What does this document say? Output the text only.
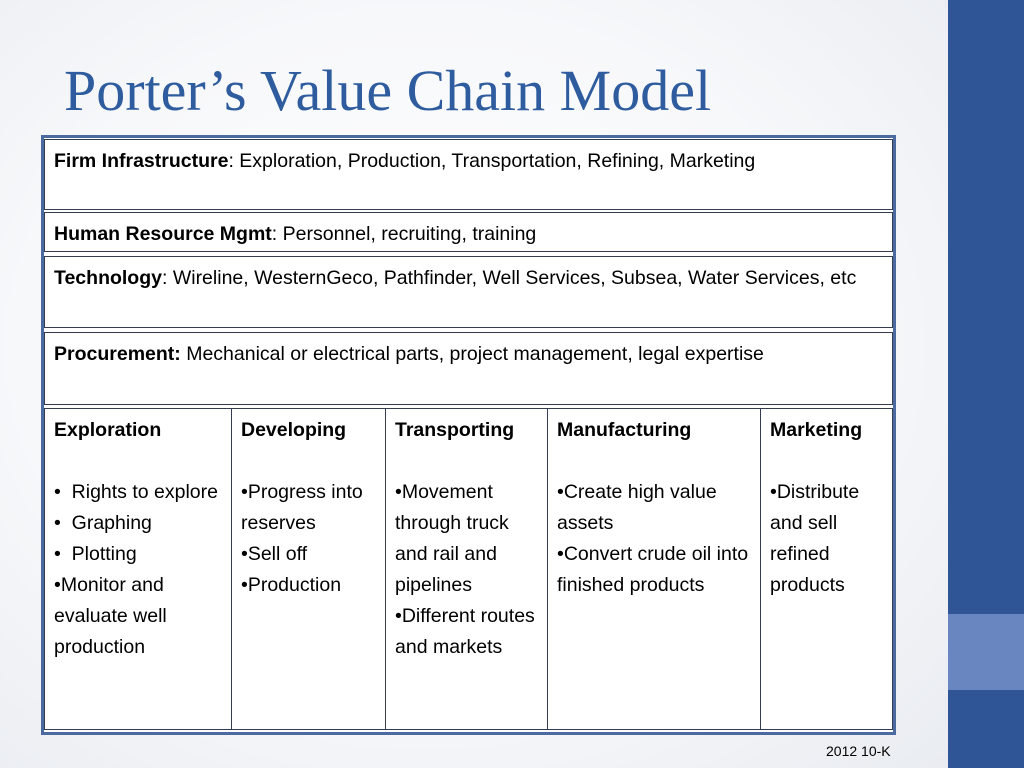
Porter’s Value Chain Model
Firm Infrastructure: Exploration, Production, Transportation, Refining, Marketing
Human Resource Mgmt: Personnel, recruiting, training
Technology: Wireline, WesternGeco, Pathfinder, Well Services, Subsea, Water Services, etc
Procurement: Mechanical or electrical parts, project management, legal expertise
Exploration
•  Rights to explore
•  Graphing
•  Plotting
•Monitor and evaluate well production
Developing
•Progress into reserves
•Sell off
•Production
Transporting
•Movement through truck and rail and pipelines
•Different routes and markets
Manufacturing
•Create high value assets
•Convert crude oil into finished products
Marketing
•Distribute and sell refined products
2012 10-K
